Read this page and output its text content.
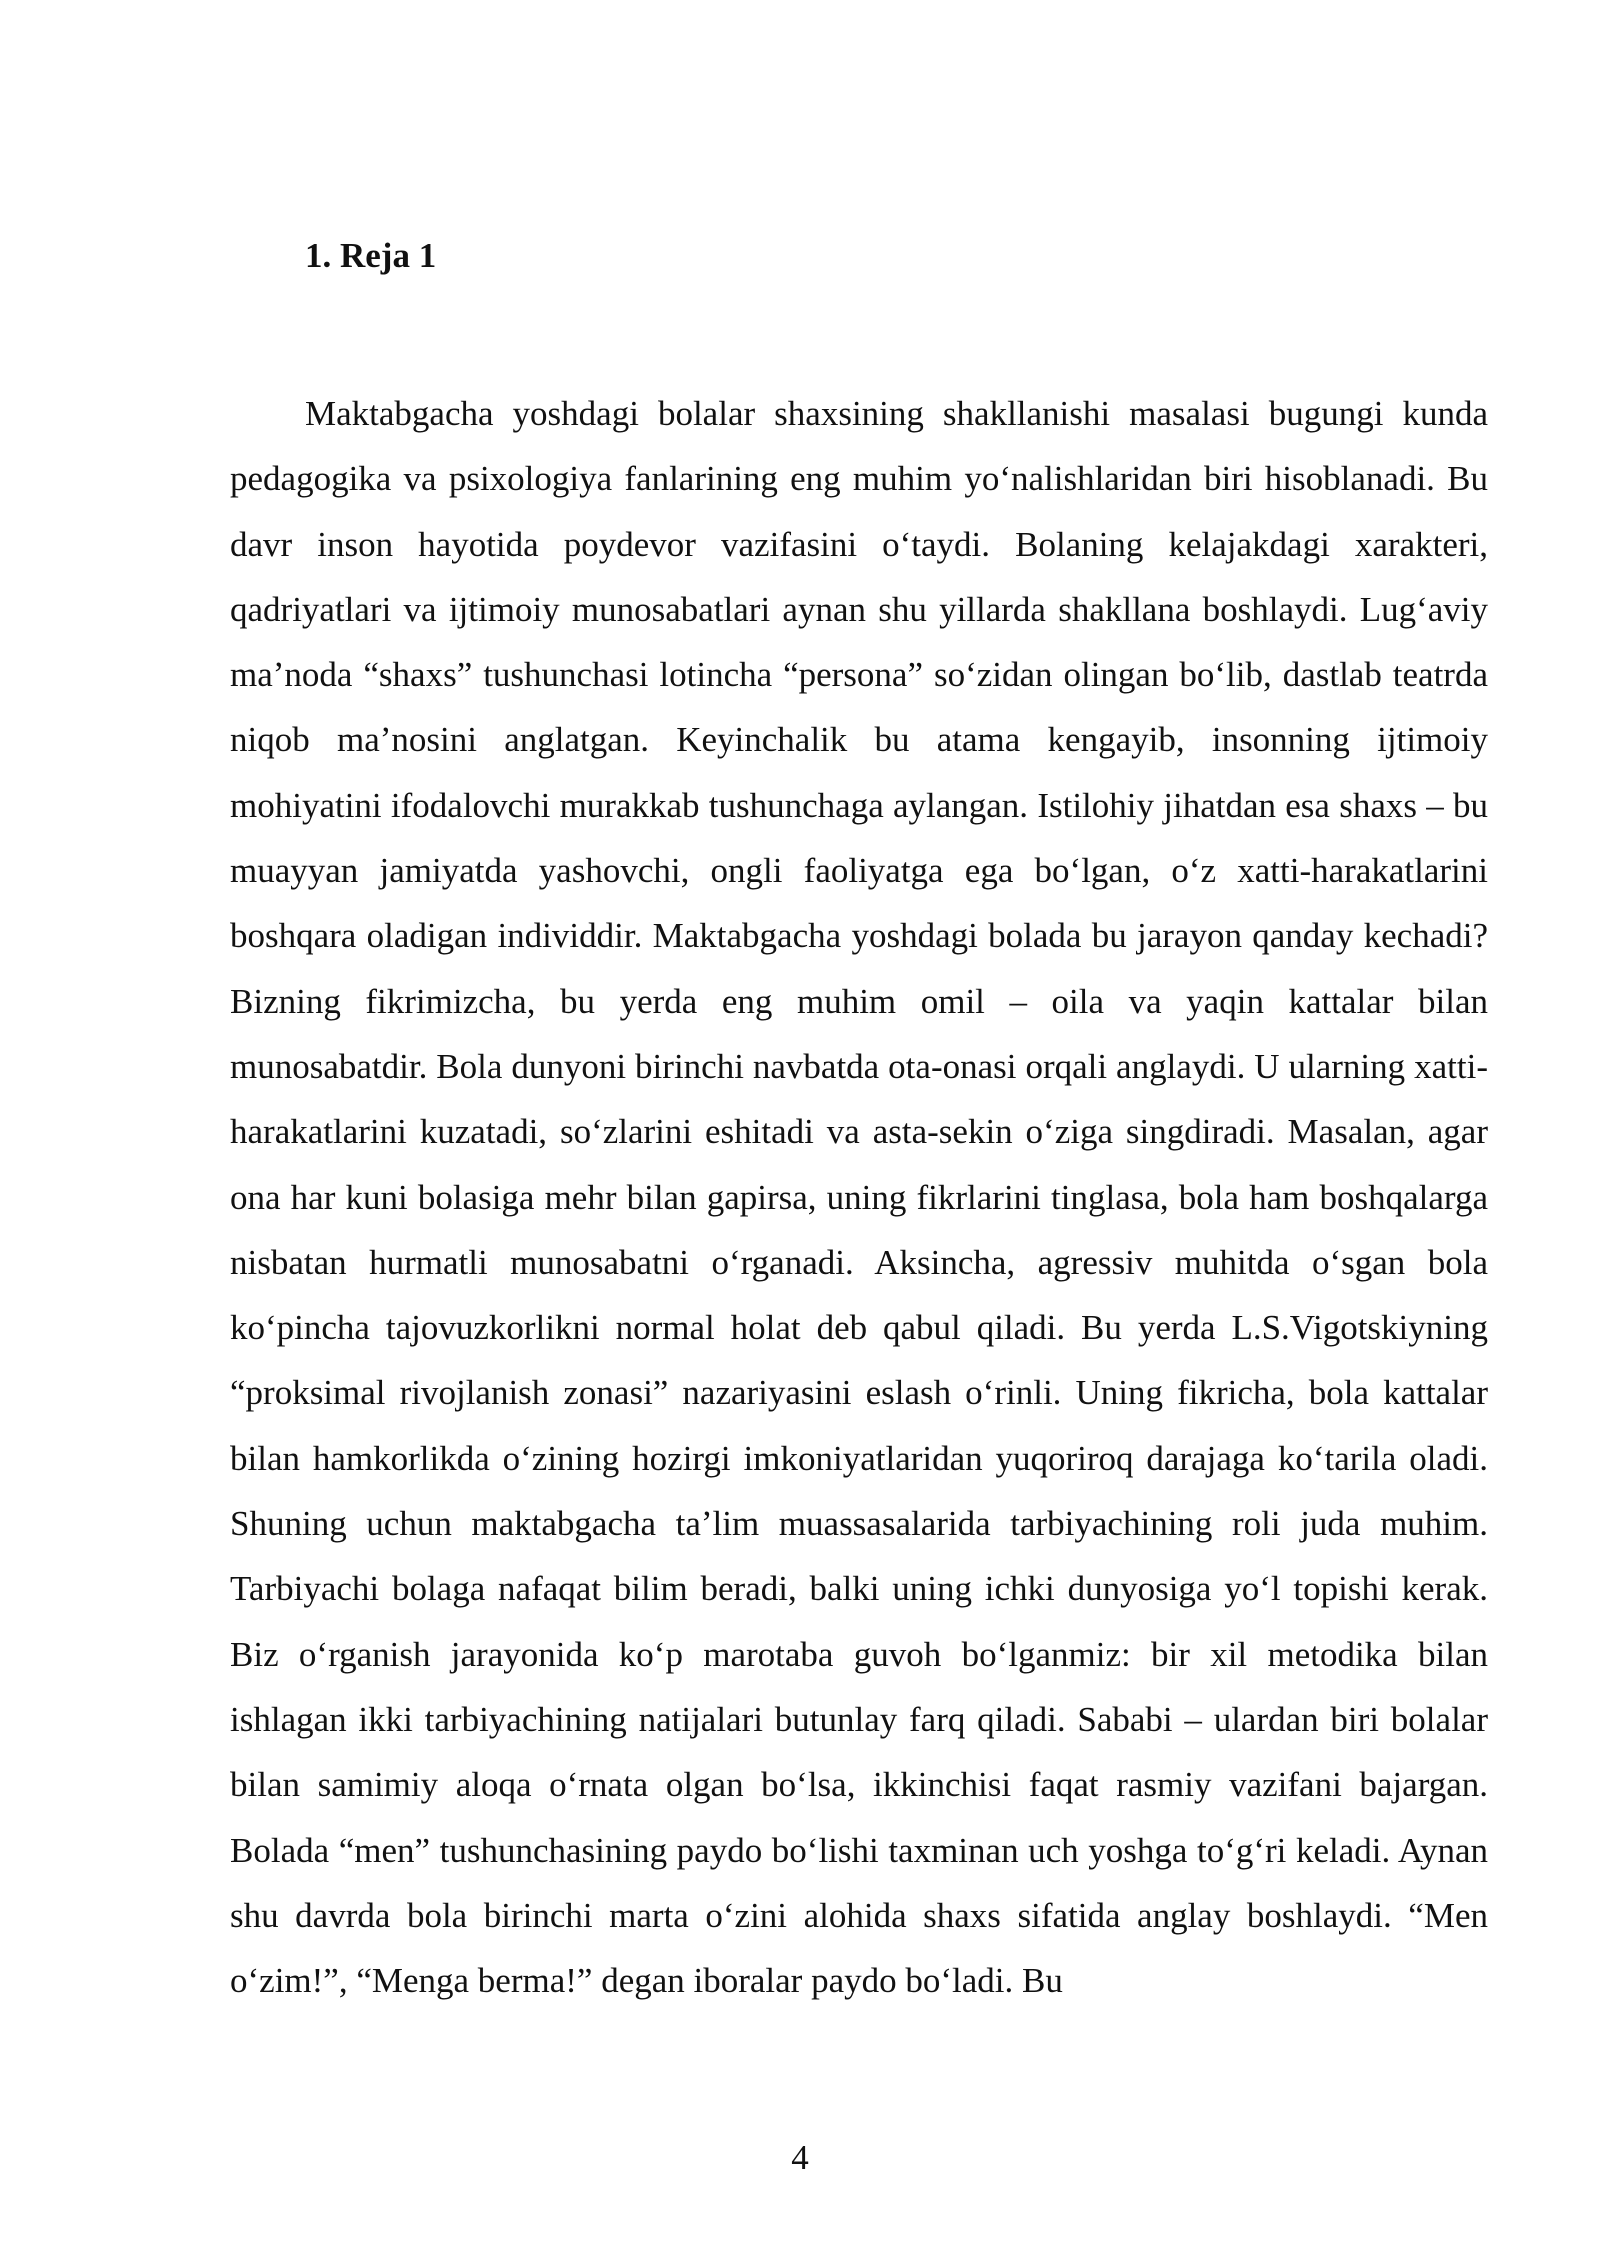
1. Reja 1

Maktabgacha yoshdagi bolalar shaxsining shakllanishi masalasi bugungi kunda pedagogika va psixologiya fanlarining eng muhim yoʻnalishlaridan biri hisoblanadi. Bu davr inson hayotida poydevor vazifasini oʻtaydi. Bolaning kelajakdagi xarakteri, qadriyatlari va ijtimoiy munosabatlari aynan shu yillarda shakllana boshlaydi. Lugʻaviy maʼnoda “shaxs” tushunchasi lotincha “persona” soʻzidan olingan boʻlib, dastlab teatrda niqob maʼnosini anglatgan. Keyinchalik bu atama kengayib, insonning ijtimoiy mohiyatini ifodalovchi murakkab tushunchaga aylangan. Istilohiy jihatdan esa shaxs – bu muayyan jamiyatda yashovchi, ongli faoliyatga ega boʻlgan, oʻz xatti-harakatlarini boshqara oladigan individdir. Maktabgacha yoshdagi bolada bu jarayon qanday kechadi? Bizning fikrimizcha, bu yerda eng muhim omil – oila va yaqin kattalar bilan munosabatdir. Bola dunyoni birinchi navbatda ota-onasi orqali anglaydi. U ularning xatti-harakatlarini kuzatadi, soʻzlarini eshitadi va asta-sekin oʻziga singdiradi. Masalan, agar ona har kuni bolasiga mehr bilan gapirsa, uning fikrlarini tinglasa, bola ham boshqalarga nisbatan hurmatli munosabatni oʻrganadi. Aksincha, agressiv muhitda oʻsgan bola koʻpincha tajovuzkorlikni normal holat deb qabul qiladi. Bu yerda L.S.Vigotskiyning “proksimal rivojlanish zonasi” nazariyasini eslash oʻrinli. Uning fikricha, bola kattalar bilan hamkorlikda oʻzining hozirgi imkoniyatlaridan yuqoriroq darajaga koʻtarila oladi. Shuning uchun maktabgacha taʼlim muassasalarida tarbiyachining roli juda muhim. Tarbiyachi bolaga nafaqat bilim beradi, balki uning ichki dunyosiga yoʻl topishi kerak. Biz oʻrganish jarayonida koʻp marotaba guvoh boʻlganmiz: bir xil metodika bilan ishlagan ikki tarbiyachining natijalari butunlay farq qiladi. Sababi – ulardan biri bolalar bilan samimiy aloqa oʻrnata olgan boʻlsa, ikkinchisi faqat rasmiy vazifani bajargan. Bolada “men” tushunchasining paydo boʻlishi taxminan uch yoshga toʻgʻri keladi. Aynan shu davrda bola birinchi marta oʻzini alohida shaxs sifatida anglay boshlaydi. “Men oʻzim!”, “Menga berma!” degan iboralar paydo boʻladi. Bu

4
